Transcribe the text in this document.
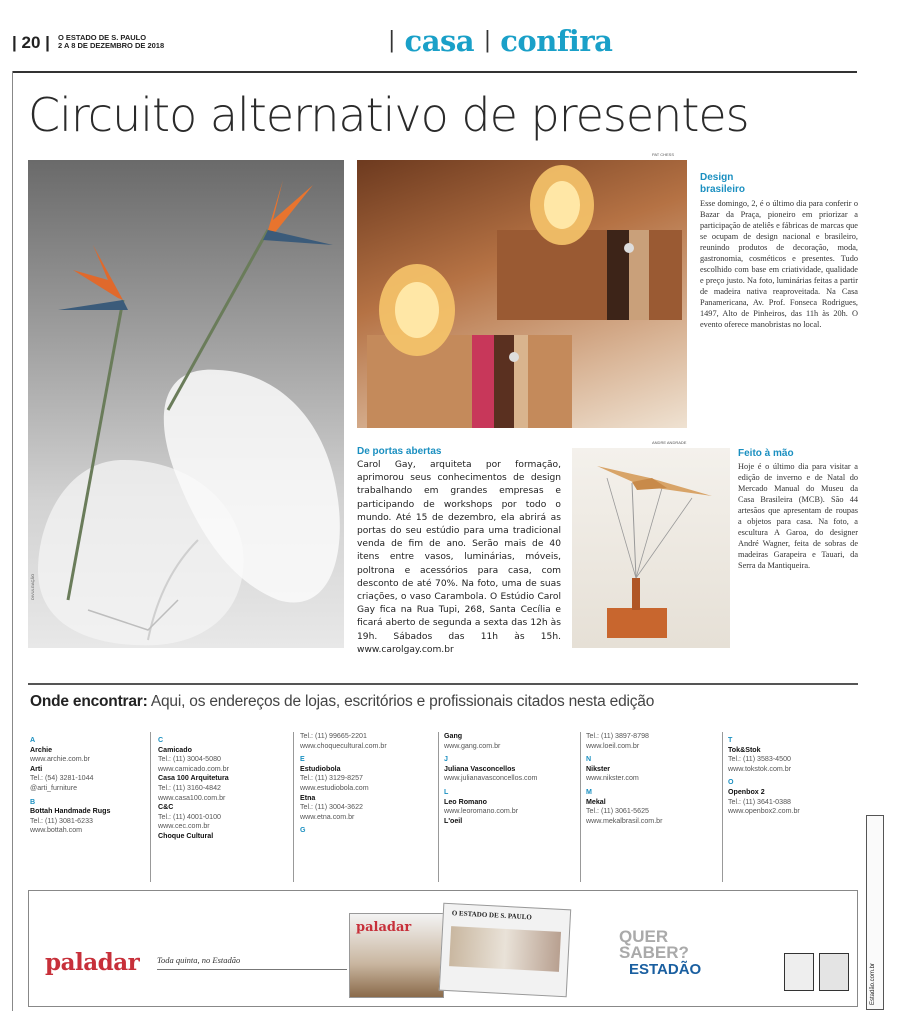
| 20 | O ESTADO DE S. PAULO
2 A 8 DE DEZEMBRO DE 2018	| casa | confira
Circuito alternativo de presentes
DIVULGAÇÃO
PAT CHESS
ANDRE ANDRADE
Design
brasileiro

Esse domingo, 2, é o último dia para conferir o Bazar da Praça, pioneiro em priorizar a participação de ateliês e fábricas de marcas que se ocupam de design nacional e brasileiro, reunindo produtos de decoração, moda, gastronomia, cosméticos e presentes. Tudo escolhido com base em criatividade, qualidade e preço justo. Na foto, luminárias feitas a partir de madeira nativa reaproveitada. Na Casa Panamericana, Av. Prof. Fonseca Rodrigues, 1497, Alto de Pinheiros, das 11h às 20h. O evento oferece manobristas no local.

De portas abertas

Carol Gay, arquiteta por formação, aprimorou seus conhecimentos de design trabalhando em grandes empresas e participando de workshops por todo o mundo. Até 15 de dezembro, ela abrirá as portas do seu estúdio para uma tradicional venda de fim de ano. Serão mais de 40 itens entre vasos, luminárias, móveis, poltrona e acessórios para casa, com desconto de até 70%. Na foto, uma de suas criações, o vaso Carambola. O Estúdio Carol Gay fica na Rua Tupi, 268, Santa Cecília e ficará aberto de segunda a sexta das 12h às 19h. Sábados das 11h às 15h. www.carolgay.com.br

Feito à mão

Hoje é o último dia para visitar a edição de inverno e de Natal do Mercado Manual do Museu da Casa Brasileira (MCB). São 44 artesãos que apresentam de roupas a objetos para casa. Na foto, a escultura A Garoa, do designer André Wagner, feita de sobras de madeiras Garapeira e Tauari, da Serra da Mantiqueira.

Onde encontrar: Aqui, os endereços de lojas, escritórios e profissionais citados nesta edição
A
Archie
www.archie.com.br
Arti
Tel.: (54) 3281-1044
@arti_furniture
B
Bottah Handmade Rugs
Tel.: (11) 3081-6233
www.bottah.com
C
Camicado
Tel.: (11) 3004-5080
www.camicado.com.br
Casa 100 Arquitetura
Tel.: (11) 3160-4842
www.casa100.com.br
C&C
Tel.: (11) 4001-0100
www.cec.com.br
Choque Cultural
Tel.: (11) 99665-2201
www.choquecultural.com.br
E
Estudiobola
Tel.: (11) 3129-8257
www.estudiobola.com
Etna
Tel.: (11) 3004-3622
www.etna.com.br
G
Gang
www.gang.com.br
J
Juliana Vasconcellos
www.julianavasconcellos.com
L
Leo Romano
www.leoromano.com.br
L'oeil
Tel.: (11) 3897-8798
www.loeil.com.br
N
Nikster
www.nikster.com
M
Mekal
Tel.: (11) 3061-5625
www.mekalbrasil.com.br
T
Tok&Stok
Tel.: (11) 3583-4500
www.tokstok.com.br
O
Openbox 2
Tel.: (11) 3641-0388
www.openbox2.com.br
paladar Toda quinta, no Estadão
paladar
O ESTADO DE S. PAULO
QUER
SABER?
ESTADÃO	Estadão.com.br
